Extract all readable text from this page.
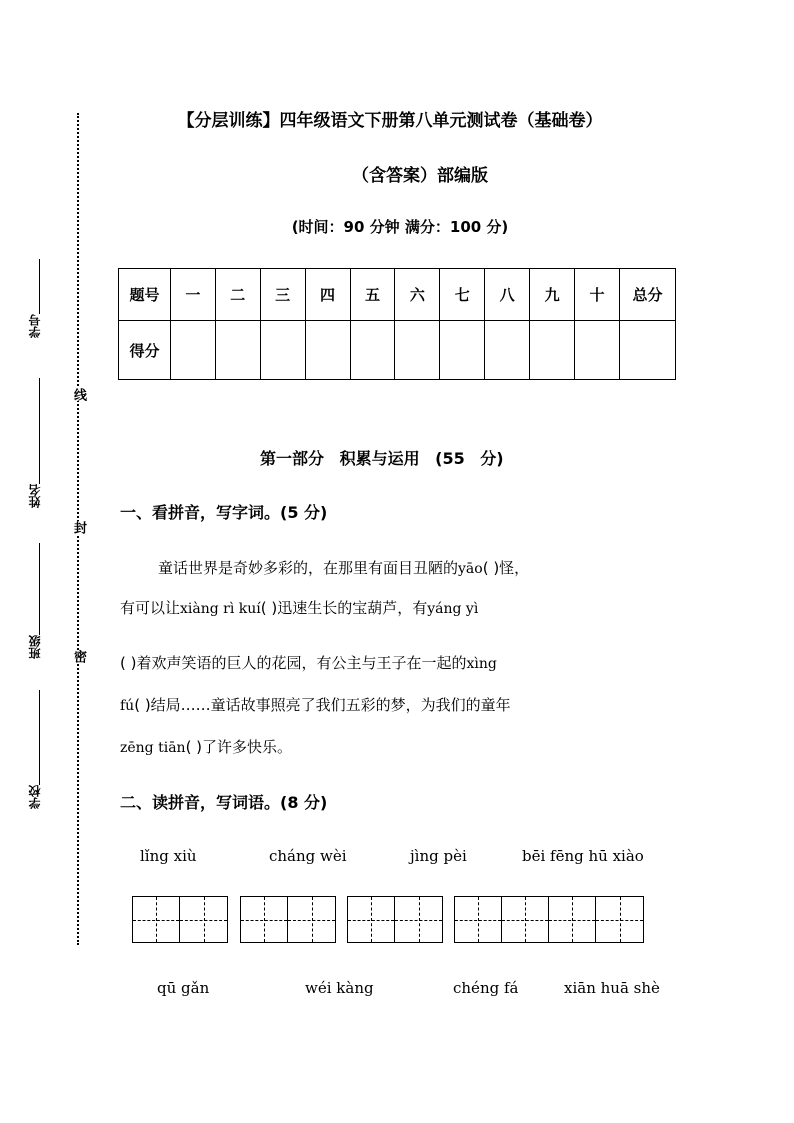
【分层训练】四年级语文下册第八单元测试卷（基础卷）
（含答案）部编版
(时间：90 分钟 满分：100 分)
线
封
密
学号
姓名
班级
学校
题号	一	二	三	四	五	六	七	八	九	十	总分
得分											
第一部分 积累与运用 (55 分)
一、看拼音，写字词。(5 分)
童话世界是奇妙多彩的，在那里有面目丑陋的yāo( )怪，
有可以让xiàng rì kuí( )迅速生长的宝葫芦，有yáng yì
( )着欢声笑语的巨人的花园，有公主与王子在一起的xìng
fú( )结局……童话故事照亮了我们五彩的梦，为我们的童年
zēng tiān( )了许多快乐。
二、读拼音，写词语。(8 分)
lǐng xiù	cháng wèi	jìng pèi	bēi fēng hū xiào
qū gǎn	wéi kàng	chéng fá	xiān huā shè
